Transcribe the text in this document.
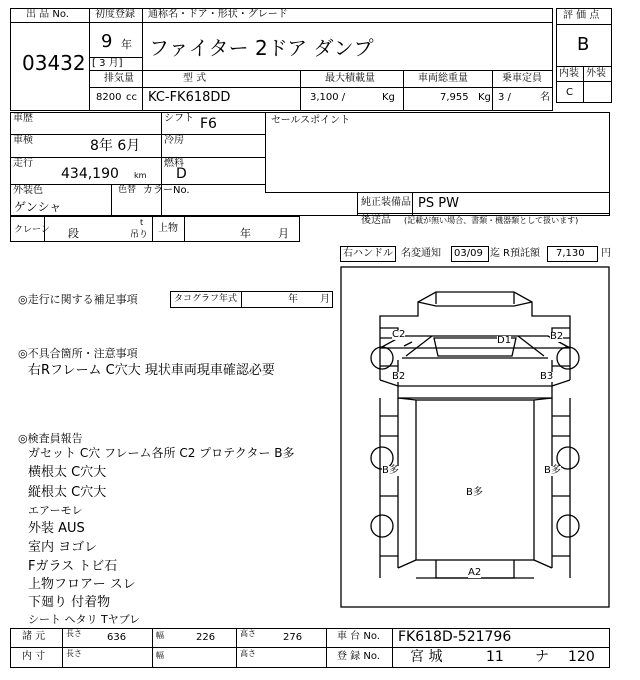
出 品 No.
03432
初度登録
9 年
[ 3 月]
通称名・ドア・形状・グレード
ファイター 2ドア ダンプ
排気量	型 式	最大積載量	車両総重量	乗車定員
8200 cc KC-FK618DD	3,100 /	Kg	7,955 Kg 3 /	名
評 価 点
B
内装 外装
C
車歴	シフト F6
車検	8年 6月 冷房
走行
434,190 km
燃料
D
外装色
ゲンシャ
色替 カラーNo.
セールスポイント
純正装備品 PS PW
後送品 (記載が無い場合、書類・機器類として扱います)
クレーン 段
t
吊り
上物	年 月
右ハンドル 名変通知 03/09 迄 R預託額 7,130 円
◎走行に関する補足事項	タコグラフ年式	年 月
◎不具合箇所・注意事項
右Rフレーム C穴大 現状車両現車確認必要
◎検査員報告
ガセット C穴 フレーム各所 C2 プロテクター B多
横根太 C穴大
縦根太 C穴大
エアーモレ
外装 AUS
室内 ヨゴレ
Fガラス トビ石
上物フロアー スレ
下廻り 付着物
シート ヘタリ Tヤブレ
C2
D1	B2
B2	B3
B多	B多
B多
A2
諸 元	長さ	636	幅	226	高さ	276
内 寸	長さ	幅	高さ
車 台 No. FK618D-521796
登 録 No. 宮 城	11 ナ 120
